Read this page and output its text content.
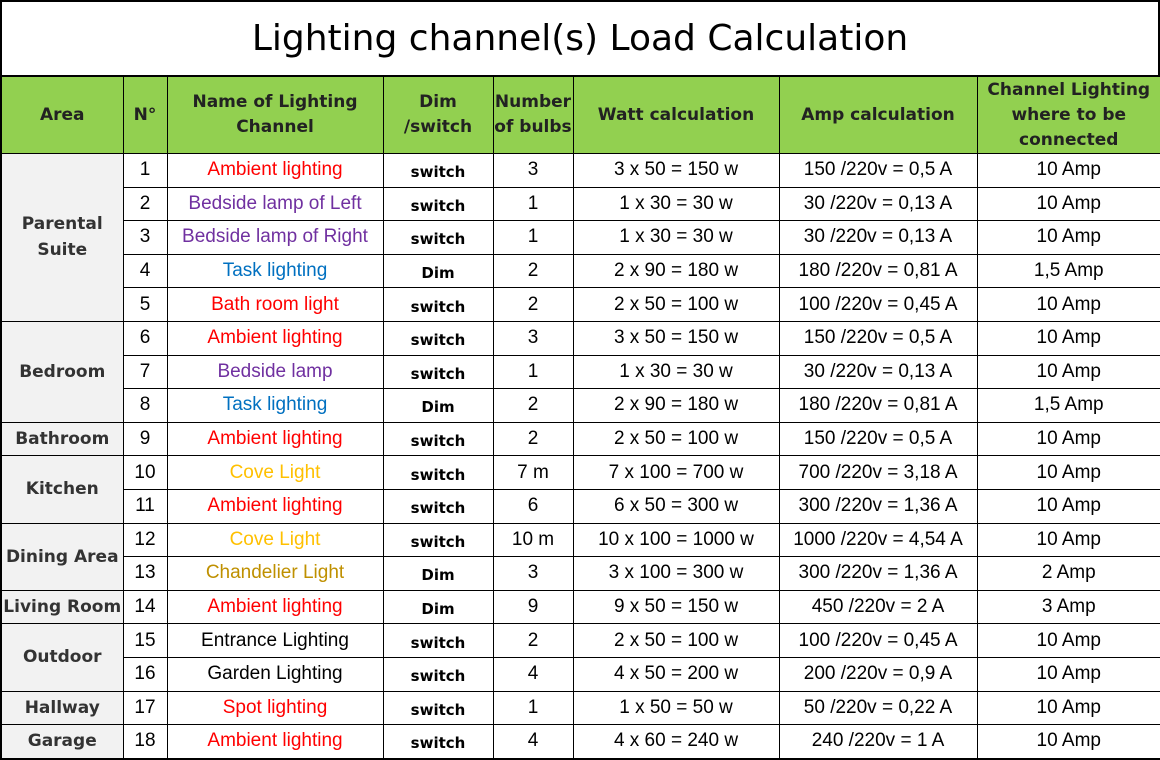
Lighting channel(s) Load Calculation
Area	N°	Name of Lighting Channel	Dim /switch	Number of bulbs	Watt calculation	Amp calculation	Channel Lighting where to be connected
Parental Suite	1	Ambient lighting	switch	3	3 x 50 = 150 w	150 /220v = 0,5 A	10 Amp
	2	Bedside lamp of Left	switch	1	1 x 30 = 30 w	30 /220v = 0,13 A	10 Amp
	3	Bedside lamp of Right	switch	1	1 x 30 = 30 w	30 /220v = 0,13 A	10 Amp
	4	Task lighting	Dim	2	2 x 90 = 180 w	180 /220v = 0,81 A	1,5 Amp
	5	Bath room light	switch	2	2 x 50 = 100 w	100 /220v = 0,45 A	10 Amp
Bedroom	6	Ambient lighting	switch	3	3 x 50 = 150 w	150 /220v = 0,5 A	10 Amp
	7	Bedside lamp	switch	1	1 x 30 = 30 w	30 /220v = 0,13 A	10 Amp
	8	Task lighting	Dim	2	2 x 90 = 180 w	180 /220v = 0,81 A	1,5 Amp
Bathroom	9	Ambient lighting	switch	2	2 x 50 = 100 w	150 /220v = 0,5 A	10 Amp
Kitchen	10	Cove Light	switch	7 m	7 x 100 = 700 w	700 /220v = 3,18 A	10 Amp
	11	Ambient lighting	switch	6	6 x 50 = 300 w	300 /220v = 1,36 A	10 Amp
Dining Area	12	Cove Light	switch	10 m	10 x 100 = 1000 w	1000 /220v = 4,54 A	10 Amp
	13	Chandelier Light	Dim	3	3 x 100 = 300 w	300 /220v = 1,36 A	2 Amp
Living Room	14	Ambient lighting	Dim	9	9 x 50 = 150 w	450 /220v = 2 A	3 Amp
Outdoor	15	Entrance Lighting	switch	2	2 x 50 = 100 w	100 /220v = 0,45 A	10 Amp
	16	Garden Lighting	switch	4	4 x 50 = 200 w	200 /220v = 0,9 A	10 Amp
Hallway	17	Spot lighting	switch	1	1 x 50 = 50 w	50 /220v = 0,22 A	10 Amp
Garage	18	Ambient lighting	switch	4	4 x 60 = 240 w	240 /220v = 1 A	10 Amp
